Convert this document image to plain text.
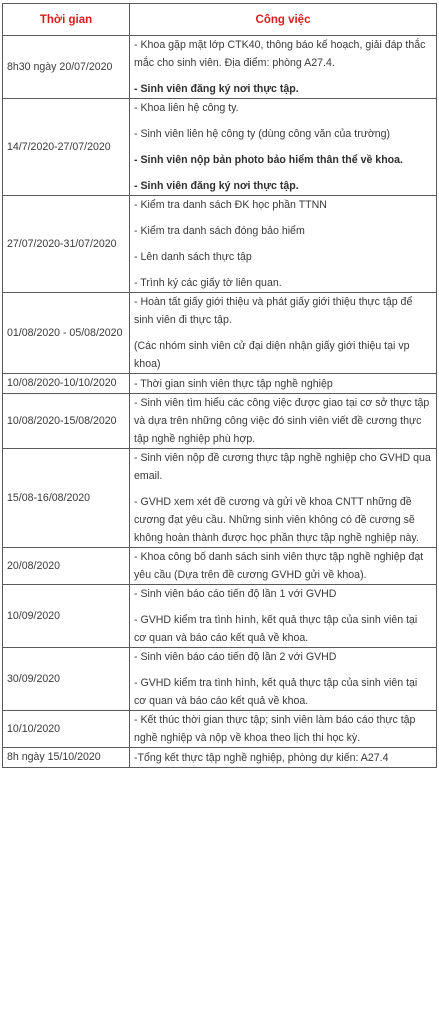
Thời gian	Công việc
8h30 ngày 20/07/2020	- Khoa gặp mặt lớp CTK40, thông báo kế hoạch, giải đáp thắc mắc cho sinh viên. Địa điểm: phòng A27.4.

- Sinh viên đăng ký nơi thực tập.

14/7/2020-27/07/2020	- Khoa liên hệ công ty.

- Sinh viên liên hệ công ty (dùng công văn của trường)

- Sinh viên nộp bản photo bảo hiểm thân thể về khoa.

- Sinh viên đăng ký nơi thực tập.

27/07/2020-31/07/2020	- Kiểm tra danh sách ĐK học phần TTNN

- Kiểm tra danh sách đóng bảo hiểm

- Lên danh sách thực tập

- Trình ký các giấy tờ liên quan.

01/08/2020 - 05/08/2020	- Hoàn tất giấy giới thiệu và phát giấy giới thiệu thực tập để sinh viên đi thực tập.

(Các nhóm sinh viên cử đại diện nhận giấy giới thiệu tại vp khoa)

10/08/2020-10/10/2020	- Thời gian sinh viên thực tập nghề nghiệp

10/08/2020-15/08/2020	- Sinh viên tìm hiểu các công việc được giao tại cơ sở thực tập và dựa trên những công việc đó sinh viên viết đề cương thực tập nghề nghiệp phù hợp.

15/08-16/08/2020	- Sinh viên nộp đề cương thực tập nghề nghiệp cho GVHD qua email.

- GVHD xem xét đề cương và gửi về khoa CNTT những đề cương đạt yêu cầu. Những sinh viên không có đề cương sẽ không hoàn thành được học phần thực tập nghề nghiệp này.

20/08/2020	- Khoa công bố danh sách sinh viên thực tập nghề nghiệp đạt yêu cầu (Dựa trên đề cương GVHD gửi về khoa).

10/09/2020	- Sinh viên báo cáo tiến độ lần 1 với GVHD

- GVHD kiểm tra tình hình, kết quả thực tập của sinh viên tại cơ quan và báo cáo kết quả về khoa.

30/09/2020	- Sinh viên báo cáo tiến độ lần 2 với GVHD

- GVHD kiểm tra tình hình, kết quả thực tập của sinh viên tại cơ quan và báo cáo kết quả về khoa.

10/10/2020	- Kết thúc thời gian thực tập; sinh viên làm báo cáo thực tập nghề nghiệp và nộp về khoa theo lịch thi học kỳ.

8h ngày 15/10/2020	-Tổng kết thực tập nghề nghiệp, phòng dự kiến: A27.4
